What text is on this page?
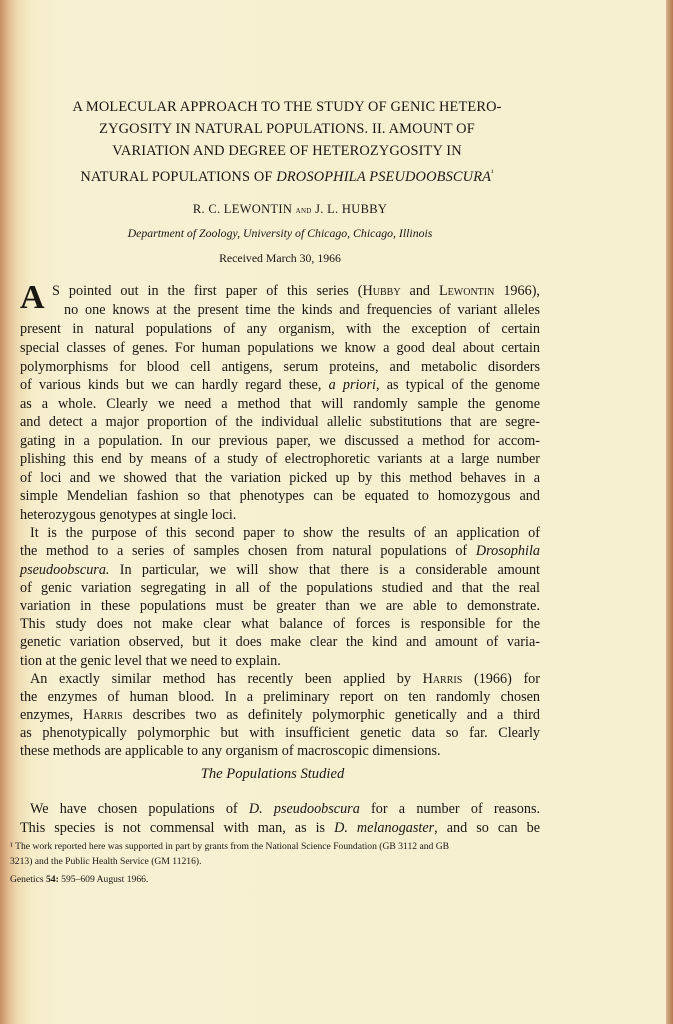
A MOLECULAR APPROACH TO THE STUDY OF GENIC HETERO-
ZYGOSITY IN NATURAL POPULATIONS. II. AMOUNT OF
VARIATION AND DEGREE OF HETEROZYGOSITY IN
NATURAL POPULATIONS OF DROSOPHILA $PSEUDOOBSCURA^{^1}$
R. C. LEWONTIN and J. L. HUBBY
Department of Zoology, University of Chicago, Chicago, Illinois
Received March 30, 1966
A S pointed out in the first paper of this series (Hubby and Lewontin 1966),
no one knows at the present time the kinds and frequencies of variant alleles
present in natural populations of any organism, with the exception of certain
special classes of genes. For human populations we know a good deal about certain
polymorphisms for blood cell antigens, serum proteins, and metabolic disorders
of various kinds but we can hardly regard these, a priori, as typical of the genome
as a whole. Clearly we need a method that will randomly sample the genome
and detect a major proportion of the individual allelic substitutions that are segre-
gating in a population. In our previous paper, we discussed a method for accom-
plishing this end by means of a study of electrophoretic variants at a large number
of loci and we showed that the variation picked up by this method behaves in a
simple Mendelian fashion so that phenotypes can be equated to homozygous and
heterozygous genotypes at single loci.
It is the purpose of this second paper to show the results of an application of
the method to a series of samples chosen from natural populations of Drosophila
pseudoobscura. In particular, we will show that there is a considerable amount
of genic variation segregating in all of the populations studied and that the real
variation in these populations must be greater than we are able to demonstrate.
This study does not make clear what balance of forces is responsible for the
genetic variation observed, but it does make clear the kind and amount of varia-
tion at the genic level that we need to explain.
An exactly similar method has recently been applied by Harris (1966) for
the enzymes of human blood. In a preliminary report on ten randomly chosen
enzymes, Harris describes two as definitely polymorphic genetically and a third
as phenotypically polymorphic but with insufficient genetic data so far. Clearly
these methods are applicable to any organism of macroscopic dimensions.
The Populations Studied
We have chosen populations of D. pseudoobscura for a number of reasons.
This species is not commensal with man, as is D. melanogaster, and so can be
¹ The work reported here was supported in part by grants from the National Science Foundation (GB 3112 and GB
3213) and the Public Health Service (GM 11216).
Genetics 54: 595–609 August 1966.
